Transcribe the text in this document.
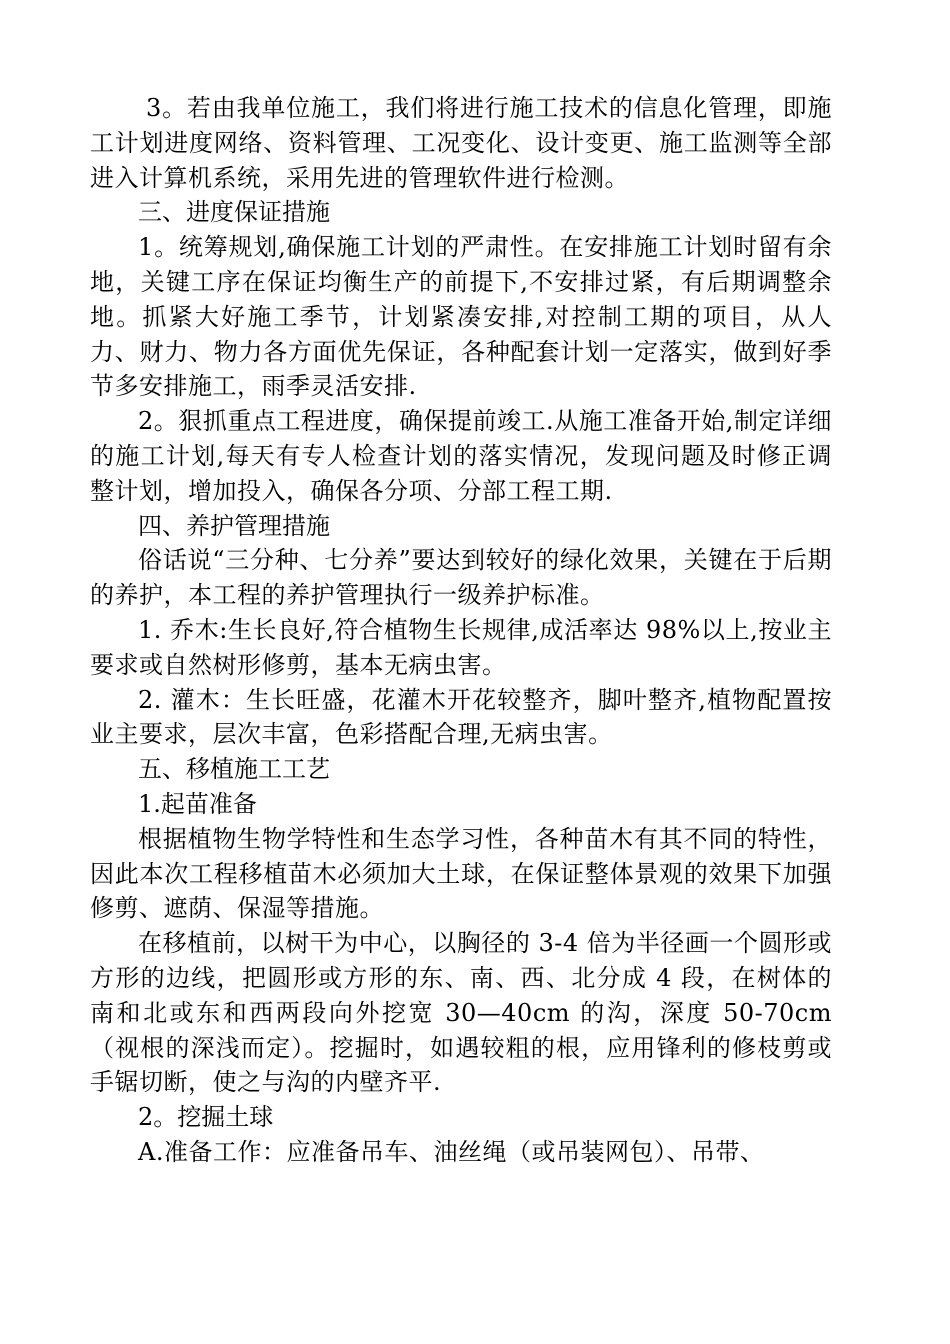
3。若由我单位施工，我们将进行施工技术的信息化管理，即施工计划进度网络、资料管理、工况变化、设计变更、施工监测等全部进入计算机系统，采用先进的管理软件进行检测。

三、进度保证措施

1。统筹规划,确保施工计划的严肃性。在安排施工计划时留有余地，关键工序在保证均衡生产的前提下,不安排过紧，有后期调整余地。抓紧大好施工季节，计划紧凑安排,对控制工期的项目，从人力、财力、物力各方面优先保证，各种配套计划一定落实，做到好季节多安排施工，雨季灵活安排.

2。狠抓重点工程进度，确保提前竣工.从施工准备开始,制定详细的施工计划,每天有专人检查计划的落实情况，发现问题及时修正调整计划，增加投入，确保各分项、分部工程工期.

四、养护管理措施

俗话说“三分种、七分养”要达到较好的绿化效果，关键在于后期的养护，本工程的养护管理执行一级养护标准。

1. 乔木:生长良好,符合植物生长规律,成活率达 98%以上,按业主要求或自然树形修剪，基本无病虫害。

2. 灌木：生长旺盛，花灌木开花较整齐，脚叶整齐,植物配置按业主要求，层次丰富，色彩搭配合理,无病虫害。

五、移植施工工艺

1.起苗准备

根据植物生物学特性和生态学习性，各种苗木有其不同的特性，因此本次工程移植苗木必须加大土球，在保证整体景观的效果下加强修剪、遮荫、保湿等措施。

在移植前，以树干为中心，以胸径的 3-4 倍为半径画一个圆形或方形的边线，把圆形或方形的东、南、西、北分成 4 段，在树体的南和北或东和西两段向外挖宽 30—40cm 的沟，深度 50-70cm（视根的深浅而定）。挖掘时，如遇较粗的根，应用锋利的修枝剪或手锯切断，使之与沟的内壁齐平.

2。挖掘土球

A.准备工作：应准备吊车、油丝绳（或吊装网包）、吊带、
